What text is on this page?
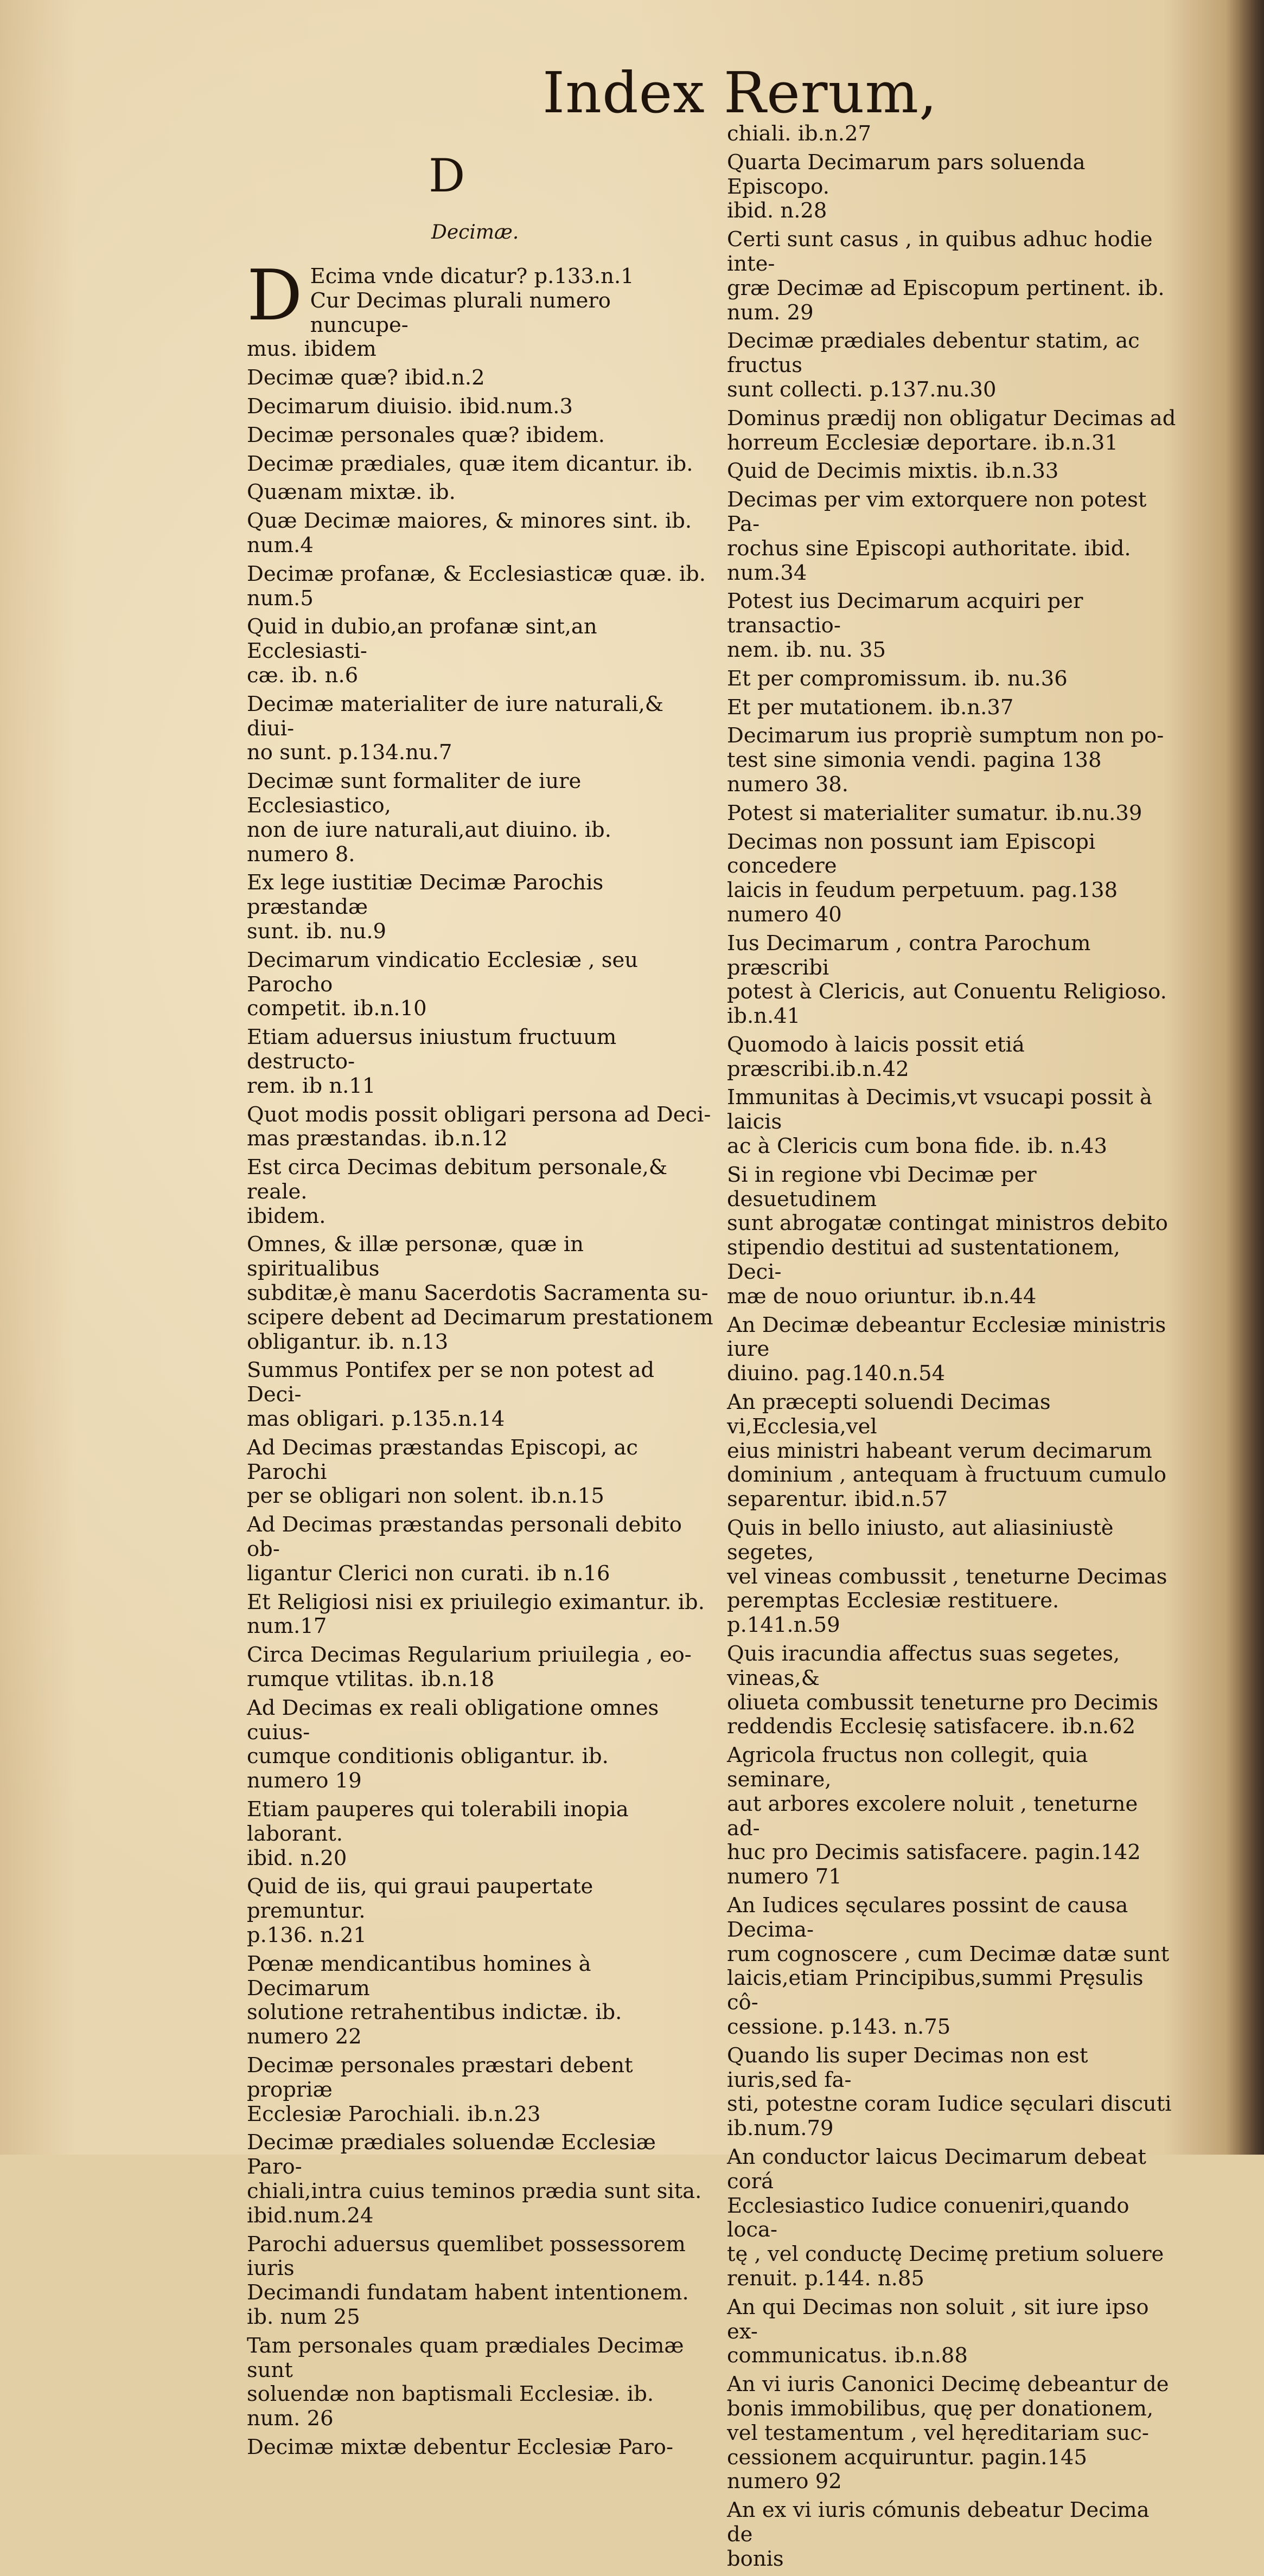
Index Rerum,
D
Decimæ.
D Ecima vnde dicatur? p.133.n.1
Cur Decimas plurali numero nuncupe-
mus. ibidem
Decimæ quæ? ibid.n.2
Decimarum diuisio. ibid.num.3
Decimæ personales quæ? ibidem.
Decimæ prædiales, quæ item dicantur. ib.
Quænam mixtæ. ib.
Quæ Decimæ maiores, & minores sint. ib.
num.4
Decimæ profanæ, & Ecclesiasticæ quæ. ib.
num.5
Quid in dubio,an profanæ sint,an Ecclesiasti-
cæ. ib. n.6
Decimæ materialiter de iure naturali,& diui-
no sunt. p.134.nu.7
Decimæ sunt formaliter de iure Ecclesiastico,
non de iure naturali,aut diuino. ib.
numero 8.
Ex lege iustitiæ Decimæ Parochis præstandæ
sunt. ib. nu.9
Decimarum vindicatio Ecclesiæ , seu Parocho
competit. ib.n.10
Etiam aduersus iniustum fructuum destructo-
rem. ib n.11
Quot modis possit obligari persona ad Deci-
mas præstandas. ib.n.12
Est circa Decimas debitum personale,& reale.
ibidem.
Omnes, & illæ personæ, quæ in spiritualibus
subditæ,è manu Sacerdotis Sacramenta su-
scipere debent ad Decimarum prestationem
obligantur. ib. n.13
Summus Pontifex per se non potest ad Deci-
mas obligari. p.135.n.14
Ad Decimas præstandas Episcopi, ac Parochi
per se obligari non solent. ib.n.15
Ad Decimas præstandas personali debito ob-
ligantur Clerici non curati. ib n.16
Et Religiosi nisi ex priuilegio eximantur. ib.
num.17
Circa Decimas Regularium priuilegia , eo-
rumque vtilitas. ib.n.18
Ad Decimas ex reali obligatione omnes cuius-
cumque conditionis obligantur. ib.
numero 19
Etiam pauperes qui tolerabili inopia laborant.
ibid. n.20
Quid de iis, qui graui paupertate premuntur.
p.136. n.21
Pœnæ mendicantibus homines à Decimarum
solutione retrahentibus indictæ. ib.
numero 22
Decimæ personales præstari debent propriæ
Ecclesiæ Parochiali. ib.n.23
Decimæ prædiales soluendæ Ecclesiæ Paro-
chiali,intra cuius teminos prædia sunt sita.
ibid.num.24
Parochi aduersus quemlibet possessorem iuris
Decimandi fundatam habent intentionem.
ib. num 25
Tam personales quam prædiales Decimæ sunt
soluendæ non baptismali Ecclesiæ. ib.
num. 26
Decimæ mixtæ debentur Ecclesiæ Paro-
chiali. ib.n.27
Quarta Decimarum pars soluenda Episcopo.
ibid. n.28
Certi sunt casus , in quibus adhuc hodie inte-
græ Decimæ ad Episcopum pertinent. ib.
num. 29
Decimæ prædiales debentur statim, ac fructus
sunt collecti. p.137.nu.30
Dominus prædij non obligatur Decimas ad
horreum Ecclesiæ deportare. ib.n.31
Quid de Decimis mixtis. ib.n.33
Decimas per vim extorquere non potest Pa-
rochus sine Episcopi authoritate. ibid.
num.34
Potest ius Decimarum acquiri per transactio-
nem. ib. nu. 35
Et per compromissum. ib. nu.36
Et per mutationem. ib.n.37
Decimarum ius propriè sumptum non po-
test sine simonia vendi. pagina 138
numero 38.
Potest si materialiter sumatur. ib.nu.39
Decimas non possunt iam Episcopi concedere
laicis in feudum perpetuum. pag.138
numero 40
Ius Decimarum , contra Parochum præscribi
potest à Clericis, aut Conuentu Religioso.
ib.n.41
Quomodo à laicis possit etiá præscribi.ib.n.42
Immunitas à Decimis,vt vsucapi possit à laicis
ac à Clericis cum bona fide. ib. n.43
Si in regione vbi Decimæ per desuetudinem
sunt abrogatæ contingat ministros debito
stipendio destitui ad sustentationem, Deci-
mæ de nouo oriuntur. ib.n.44
An Decimæ debeantur Ecclesiæ ministris iure
diuino. pag.140.n.54
An præcepti soluendi Decimas vi,Ecclesia,vel
eius ministri habeant verum decimarum
dominium , antequam à fructuum cumulo
separentur. ibid.n.57
Quis in bello iniusto, aut aliasiniustè segetes,
vel vineas combussit , teneturne Decimas
peremptas Ecclesiæ restituere. p.141.n.59
Quis iracundia affectus suas segetes, vineas,&
oliueta combussit teneturne pro Decimis
reddendis Ecclesię satisfacere. ib.n.62
Agricola fructus non collegit, quia seminare,
aut arbores excolere noluit , teneturne ad-
huc pro Decimis satisfacere. pagin.142
numero 71
An Iudices sęculares possint de causa Decima-
rum cognoscere , cum Decimæ datæ sunt
laicis,etiam Principibus,summi Pręsulis cô-
cessione. p.143. n.75
Quando lis super Decimas non est iuris,sed fa-
sti, potestne coram Iudice sęculari discuti
ib.num.79
An conductor laicus Decimarum debeat corá
Ecclesiastico Iudice conueniri,quando loca-
tę , vel conductę Decimę pretium soluere
renuit. p.144. n.85
An qui Decimas non soluit , sit iure ipso ex-
communicatus. ib.n.88
An vi iuris Canonici Decimę debeantur de
bonis immobilibus, quę per donationem,
vel testamentum , vel hęreditariam suc-
cessionem acquiruntur. pagin.145
numero 92
An ex vi iuris cómunis debeatur Decima de
bonis
